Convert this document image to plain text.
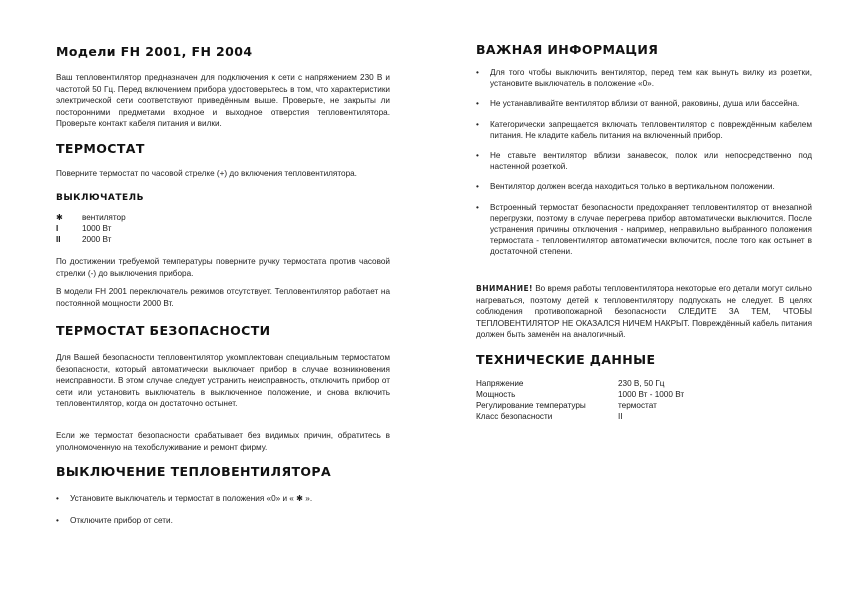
Модели FH 2001, FH 2004

Ваш тепловентилятор предназначен для подключения к сети с напряжением 230 В и частотой 50 Гц. Перед включением прибора удостоверьтесь в том, что характеристики электрической сети соответствуют приведённым выше. Проверьте, не закрыты ли посторонними предметами входное и выходное отверстия тепловентилятора. Проверьте контакт кабеля питания и вилки.

ТЕРМОСТАТ

Поверните термостат по часовой стрелке (+) до включения тепловентилятора.

ВЫКЛЮЧАТЕЛЬ
✱ вентилятор
I	1000 Вт
II	2000 Вт

По достижении требуемой температуры поверните ручку термостата против часовой стрелки (-) до выключения прибора.

В модели FH 2001 переключатель режимов отсутствует. Тепловентилятор работает на постоянной мощности 2000 Вт.

ТЕРМОСТАТ БЕЗОПАСНОСТИ

Для Вашей безопасности тепловентилятор укомплектован специальным термостатом безопасности, который автоматически выключает прибор в случае возникновения неисправности. В этом случае следует устранить неисправность, отключить прибор от сети или установить выключатель в выключенное положение, и снова включить тепловентилятор, когда он достаточно остынет.

Если же термостат безопасности срабатывает без видимых причин, обратитесь в уполномоченную на техобслуживание и ремонт фирму.

ВЫКЛЮЧЕНИЕ ТЕПЛОВЕНТИЛЯТОРА
• Установите выключатель и термостат в положения «0» и « ✱ ».
• Отключите прибор от сети.
ВАЖНАЯ ИНФОРМАЦИЯ
• Для того чтобы выключить вентилятор, перед тем как вынуть вилку из розетки, установите выключатель в положение «0».
• Не устанавливайте вентилятор вблизи от ванной, раковины, душа или бассейна.
• Категорически запрещается включать тепловентилятор с повреждённым кабелем питания. Не кладите кабель питания на включенный прибор.
• Не ставьте вентилятор вблизи занавесок, полок или непосредственно под настенной розеткой.
• Вентилятор должен всегда находиться только в вертикальном положении.
• Встроенный термостат безопасности предохраняет тепловентилятор от внезапной перегрузки, поэтому в случае перегрева прибор автоматически выключится. После устранения причины отключения - например, неправильно выбранного положения термостата - тепловентилятор автоматически включится, после того как остынет в достаточной степени.

ВНИМАНИЕ! Во время работы тепловентилятора некоторые его детали могут сильно нагреваться, поэтому детей к тепловентилятору подпускать не следует. В целях соблюдения противопожарной безопасности СЛЕДИТЕ ЗА ТЕМ, ЧТОБЫ ТЕПЛОВЕНТИЛЯТОР НЕ ОКАЗАЛСЯ НИЧЕМ НАКРЫТ. Повреждённый кабель питания должен быть заменён на аналогичный.

ТЕХНИЧЕСКИЕ ДАННЫЕ
Напряжение	230 В, 50 Гц
Мощность	1000 Вт - 1000 Вт
Регулирование температуры	термостат
Класс безопасности	II
